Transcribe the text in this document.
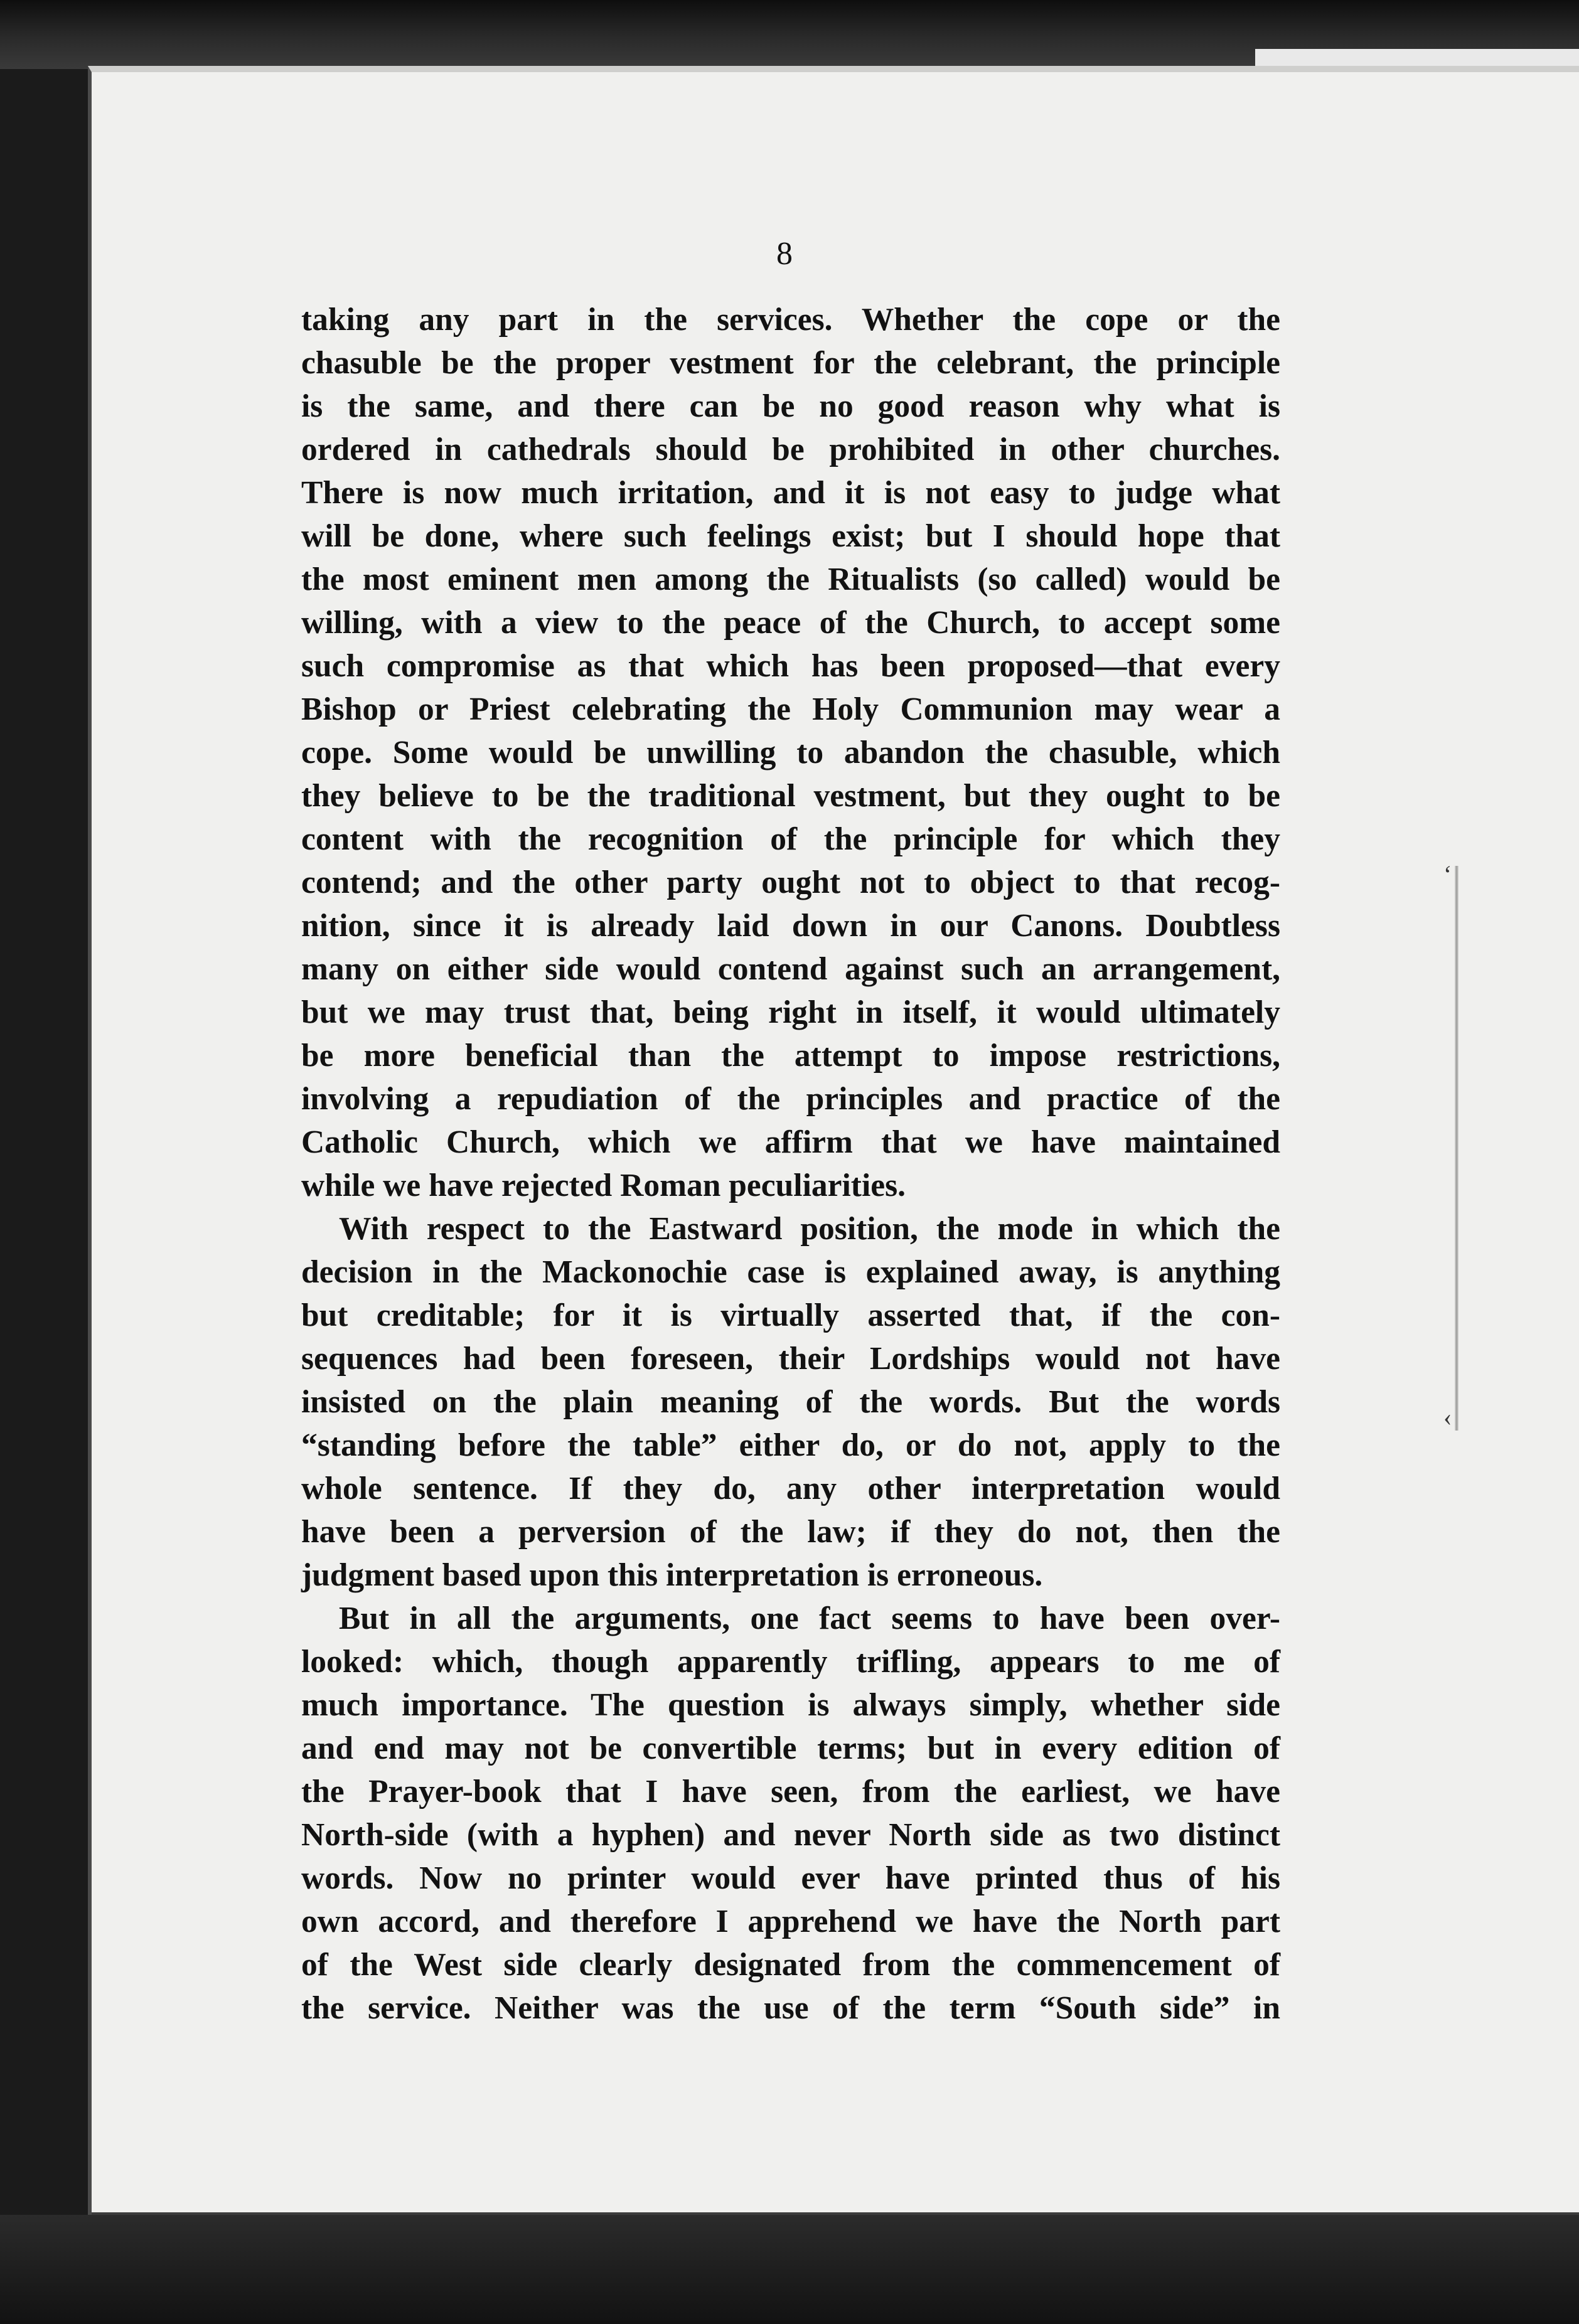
‘
‹
8
taking any part in the services. Whether the cope or the
chasuble be the proper vestment for the celebrant, the principle
is the same, and there can be no good reason why what is
ordered in cathedrals should be prohibited in other churches.
There is now much irritation, and it is not easy to judge what
will be done, where such feelings exist; but I should hope that
the most eminent men among the Ritualists (so called) would be
willing, with a view to the peace of the Church, to accept some
such compromise as that which has been proposed—that every
Bishop or Priest celebrating the Holy Communion may wear a
cope. Some would be unwilling to abandon the chasuble, which
they believe to be the traditional vestment, but they ought to be
content with the recognition of the principle for which they
contend; and the other party ought not to object to that recog-
nition, since it is already laid down in our Canons. Doubtless
many on either side would contend against such an arrangement,
but we may trust that, being right in itself, it would ultimately
be more beneficial than the attempt to impose restrictions,
involving a repudiation of the principles and practice of the
Catholic Church, which we affirm that we have maintained
while we have rejected Roman peculiarities.
With respect to the Eastward position, the mode in which the
decision in the Mackonochie case is explained away, is anything
but creditable; for it is virtually asserted that, if the con-
sequences had been foreseen, their Lordships would not have
insisted on the plain meaning of the words. But the words
“standing before the table” either do, or do not, apply to the
whole sentence. If they do, any other interpretation would
have been a perversion of the law; if they do not, then the
judgment based upon this interpretation is erroneous.
But in all the arguments, one fact seems to have been over-
looked: which, though apparently trifling, appears to me of
much importance. The question is always simply, whether side
and end may not be convertible terms; but in every edition of
the Prayer-book that I have seen, from the earliest, we have
North-side (with a hyphen) and never North side as two distinct
words. Now no printer would ever have printed thus of his
own accord, and therefore I apprehend we have the North part
of the West side clearly designated from the commencement of
the service. Neither was the use of the term “South side” in
